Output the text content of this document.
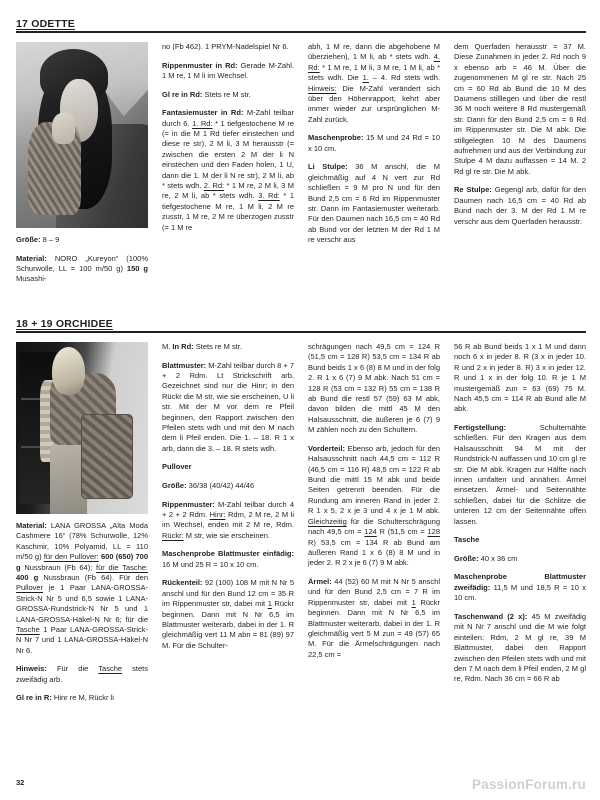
17 ODETTE

Größe: 8 – 9

Material: NORO „Kureyon“ (100% Schurwolle, LL = 100 m/50 g) 150 g Musashi-

no (Fb 462). 1 PRYM-Nadelspiel Nr 6.

Rippenmuster in Rd: Gerade M-Zahl. 1 M re, 1 M li im Wechsel.

Gl re in Rd: Stets re M str.

Fantasiemuster in Rd: M-Zahl teilbar durch 6. 1. Rd: * 1 tiefgestochene M re (= in die M 1 Rd tiefer einstechen und diese re str), 2 M li, 3 M herausstr (= zwischen die ersten 2 M der li N einstechen und den Faden holen, 1 U, dann die 1. M der li N re str), 2 M li, ab * stets wdh. 2. Rd: * 1 M re, 2 M li, 3 M re, 2 M li, ab * stets wdh. 3. Rd: * 1 tiefgestochene M re, 1 M li, 2 M re zusstr, 1 M re, 2 M re überzogen zusstr (= 1 M re

abh, 1 M re, dann die abgehobene M überziehen), 1 M li, ab * stets wdh. 4. Rd: * 1 M re, 1 M li, 3 M re, 1 M li, ab * stets wdh. Die 1. – 4. Rd stets wdh. Hinweis: Die M-Zahl verändert sich über den Höhenrapport, kehrt aber immer wieder zur ursprünglichen M-Zahl zurück.

Maschenprobe: 15 M und 24 Rd = 10 x 10 cm.

Li Stulpe: 36 M anschl, die M gleichmäßig auf 4 N vert zur Rd schließen = 9 M pro N und für den Bund 2,5 cm = 6 Rd im Rippenmuster str. Dann im Fantasiemuster weiterarb. Für den Daumen nach 16,5 cm = 40 Rd ab Bund vor der letzten M der Rd 1 M re verschr aus

dem Querfaden herausstr = 37 M. Diese Zunahmen in jeder 2. Rd noch 9 x ebenso arb = 46 M. Über die zugenommenen M gl re str. Nach 25 cm = 60 Rd ab Bund die 10 M des Daumens stilllegen und über die restl 36 M noch weitere 8 Rd mustergemäß str. Dann für den Bund 2,5 cm = 6 Rd im Rippenmuster str. Die M abk. Die stillgelegten 10 M des Daumens aufnehmen und aus der Verbindung zur Stulpe 4 M dazu auffassen = 14 M. 2 Rd gl re str. Die M abk.

Re Stulpe: Gegengl arb, dafür für den Daumen nach 16,5 cm = 40 Rd ab Bund nach der 3. M der Rd 1 M re verschr aus dem Querfaden herausstr.

18 + 19 ORCHIDEE

Material: LANA GROSSA „Alta Moda Cashmere 16“ (78% Schurwolle, 12% Kaschmir, 10% Polyamid, LL = 110 m/50 g) für den Pullover: 600 (650) 700 g Nussbraun (Fb 64); für die Tasche: 400 g Nussbraun (Fb 64). Für den Pullover je 1 Paar LANA-GROSSA-Strick-N Nr 5 und 6,5 sowie 1 LANA-GROSSA-Rundstrick-N Nr 5 und 1 LANA-GROSSA-Häkel-N Nr 6; für die Tasche 1 Paar LANA-GROSSA-Strick-N Nr 7 und 1 LANA-GROSSA-Häkel-N Nr 6.

Hinweis: Für die Tasche stets zweifädig arb.

Gl re in R: Hinr re M, Rückr li

M. In Rd: Stets re M str.

Blattmuster: M-Zahl teilbar durch 8 + 7 + 2 Rdm. Lt Strickschrift arb. Gezeichnet sind nur die Hinr; in den Rückr die M str, wie sie erscheinen, U li str. Mit der M vor dem re Pfeil beginnen, den Rapport zwischen den Pfeilen stets wdh und mit den M nach dem li Pfeil enden. Die 1. – 18. R 1 x arb, dann die 3. – 18. R stets wdh.

Pullover

Größe: 36/38 (40/42) 44/46

Rippenmuster: M-Zahl teilbar durch 4 + 2 + 2 Rdm. Hinr: Rdm, 2 M re, 2 M li im Wechsel, enden mit 2 M re, Rdm. Rückr: M str, wie sie erscheinen.

Maschenprobe Blattmuster einfädig: 16 M und 25 R = 10 x 10 cm.

Rückenteil: 92 (100) 108 M mit N Nr 5 anschl und für den Bund 12 cm = 35 R im Rippenmuster str, dabei mit 1 Rückr beginnen. Dann mit N Nr 6,5 im Blattmuster weiterarb, dabei in der 1. R gleichmäßig vert 11 M abn = 81 (89) 97 M. Für die Schulter-

schrägungen nach 49,5 cm = 124 R (51,5 cm = 128 R) 53,5 cm = 134 R ab Bund beids 1 x 6 (8) 8 M und in der folg 2. R 1 x 6 (7) 9 M abk. Nach 51 cm = 128 R (53 cm = 132 R) 55 cm = 138 R ab Bund die restl 57 (59) 63 M abk, davon bilden die mittl 45 M den Halsausschnitt, die äußeren je 6 (7) 9 M zählen noch zu den Schultern.

Vorderteil: Ebenso arb, jedoch für den Halsausschnitt nach 44,5 cm = 112 R (46,5 cm = 116 R) 48,5 cm = 122 R ab Bund die mittl 15 M abk und beide Seiten getrennt beenden. Für die Rundung am inneren Rand in jeder 2. R 1 x 5, 2 x je 3 und 4 x je 1 M abk. Gleichzeitig für die Schulterschrägung nach 49,5 cm = 124 R (51,5 cm = 128 R) 53,5 cm = 134 R ab Bund am äußeren Rand 1 x 6 (8) 8 M und in jeder 2. R 2 x je 6 (7) 9 M abk.

Ärmel: 44 (52) 60 M mit N Nr 5 anschl und für den Bund 2,5 cm = 7 R im Rippenmuster str, dabei mit 1 Rückr beginnen. Dann mit N Nr 6,5 im Blattmuster weiterarb, dabei in der 1. R gleichmäßig vert 5 M zun = 49 (57) 65 M. Für die Ärmelschrägungen nach 22,5 cm =

56 R ab Bund beids 1 x 1 M und dann noch 6 x in jeder 8. R (3 x in jeder 10. R und 2 x in jeder 8. R) 3 x in jeder 12. R und 1 x in der folg 10. R je 1 M mustergemäß zun = 63 (69) 75 M. Nach 45,5 cm = 114 R ab Bund alle M abk.

Fertigstellung: Schulternähte schließen. Für den Kragen aus dem Halsausschnitt 94 M mit der Rundstrick-N auffassen und 10 cm gl re str. Die M abk. Kragen zur Hälfte nach innen umfalten und annähen. Ärmel einsetzen. Ärmel- und Seitennähte schließen, dabei für die Schlitze die unteren 12 cm der Seitennähte offen lassen.

Tasche

Größe: 40 x 36 cm

Maschenprobe Blattmuster zweifädig: 11,5 M und 18,5 R = 10 x 10 cm.

Taschenwand (2 x): 45 M zweifädig mit N Nr 7 anschl und die M wie folgt einteilen: Rdm, 2 M gl re, 39 M Blattmuster, dabei den Rapport zwischen den Pfeilen stets wdh und mit den 7 M nach dem li Pfeil enden, 2 M gl re, Rdm. Nach 36 cm = 66 R ab

32	PassionForum.ru
